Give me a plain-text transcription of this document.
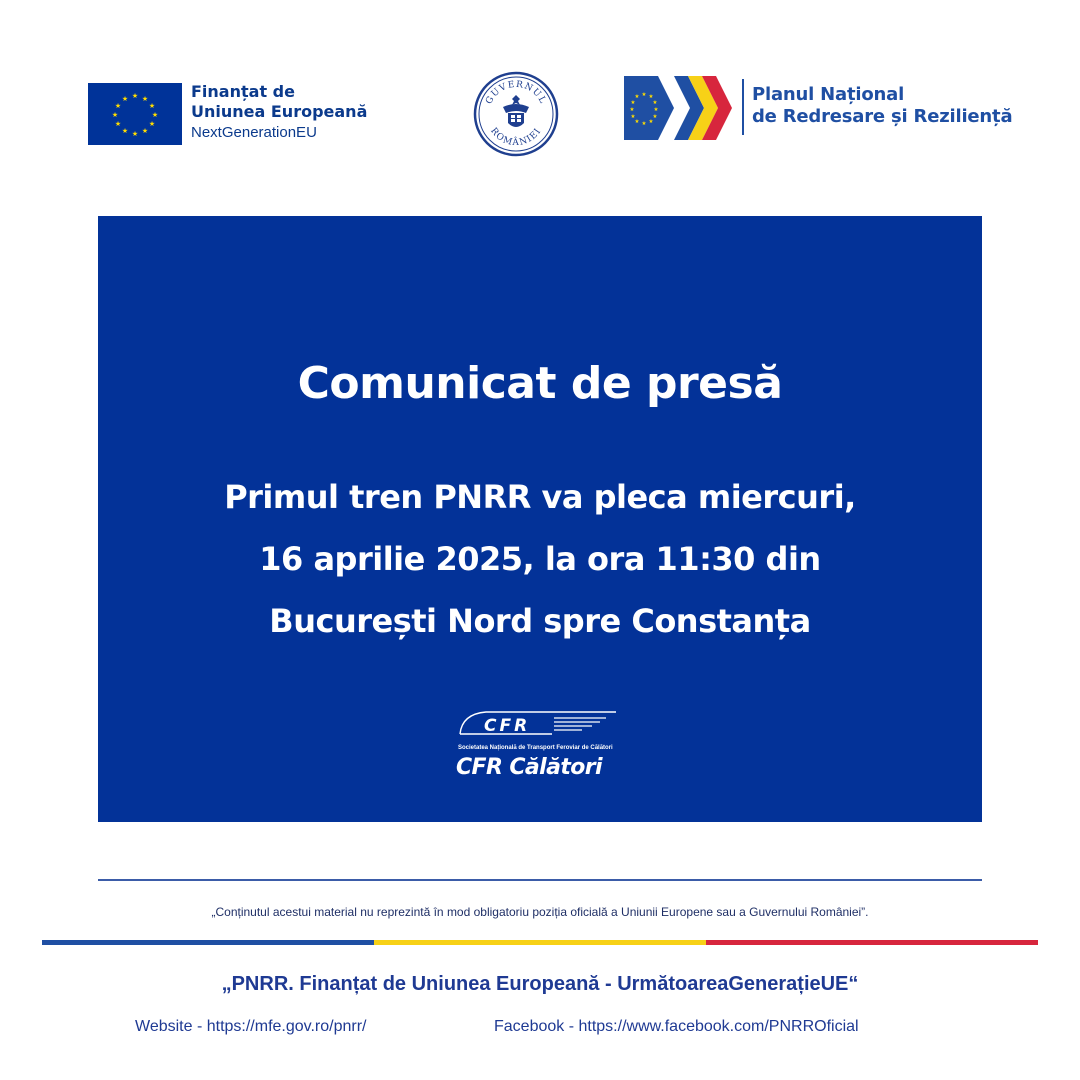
★ ★
★
★
★
★
★
★
★
★
★
★	Finanțat de
Uniunea Europeană
NextGenerationEU
GUVERNUL
ROMÂNIEI
★ ★
★
★
★
★
★
★
★
★
★
★	Planul Național
de Redresare și Reziliență
Comunicat de presă
Primul tren PNRR va pleca miercuri,
16 aprilie 2025, la ora 11:30 din
București Nord spre Constanța
CFR
Societatea Națională de Transport Feroviar de Călători
CFR Călători
„Conținutul acestui material nu reprezintă în mod obligatoriu poziția oficială a Uniunii Europene sau a Guvernului României”.
„PNRR. Finanțat de Uniunea Europeană - UrmătoareaGenerațieUE“
Website - https://mfe.gov.ro/pnrr/	Facebook - https://www.facebook.com/PNRROficial
